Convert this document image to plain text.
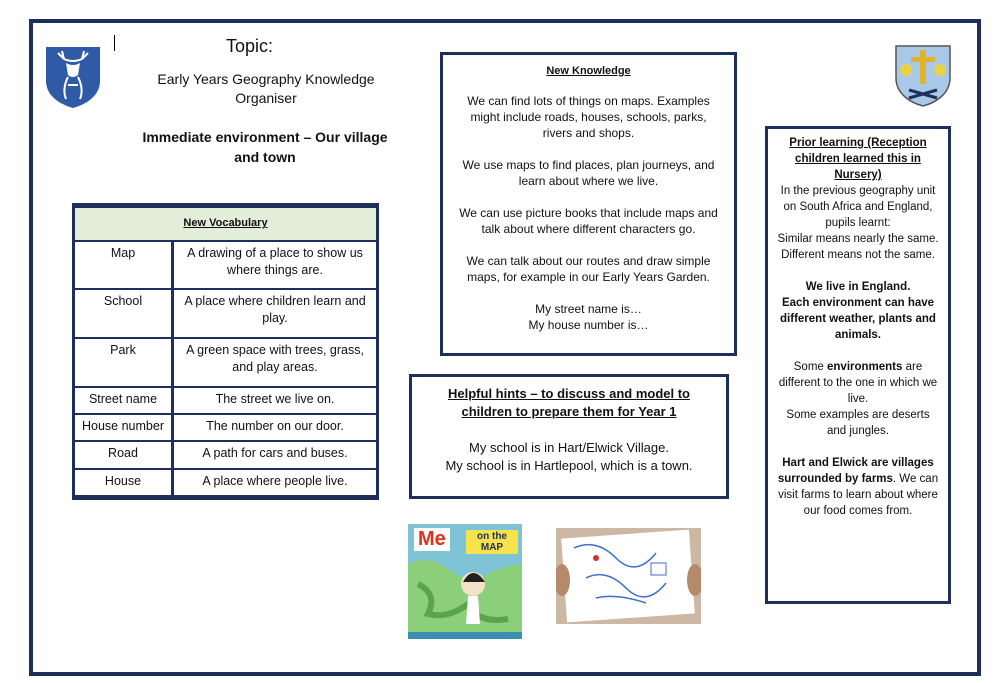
Topic:
Early Years Geography Knowledge Organiser
Immediate environment – Our village and town
New Vocabulary	
Map	A drawing of a place to show us where things are.
School	A place where children learn and play.
Park	A green space with trees, grass, and play areas.
Street name	The street we live on.
House number	The number on our door.
Road	A path for cars and buses.
House	A place where people live.
New Knowledge
We can find lots of things on maps. Examples might include roads, houses, schools, parks, rivers and shops.
We use maps to find places, plan journeys, and learn about where we live.
We can use picture books that include maps and talk about where different characters go.
We can talk about our routes and draw simple maps, for example in our Early Years Garden.
My street name is…
My house number is…
Helpful hints – to discuss and model to children to prepare them for Year 1
My school is in Hart/Elwick Village.
My school is in Hartlepool, which is a town.
Prior learning (Reception children learned this in Nursery)
In the previous geography unit on South Africa and England, pupils learnt:
Similar means nearly the same.
Different means not the same.
We live in England.
Each environment can have different weather, plants and animals.
Some environments are different to the one in which we live.
Some examples are deserts and jungles.
Hart and Elwick are villages surrounded by farms. We can visit farms to learn about where our food comes from.
Me	on the MAP
